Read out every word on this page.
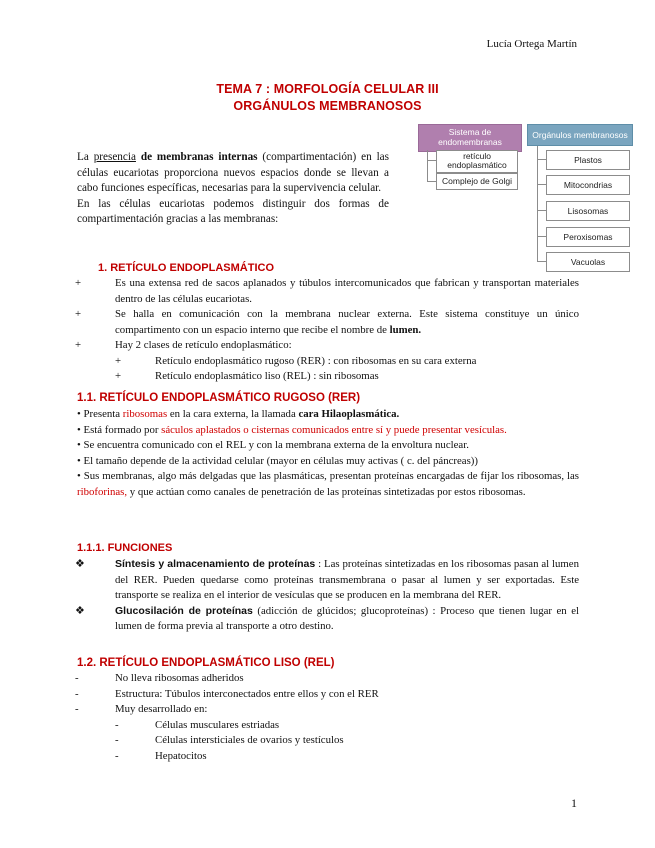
Lucía Ortega Martín
TEMA 7 : MORFOLOGÍA CELULAR III
ORGÁNULOS MEMBRANOSOS
Sistema de endomembranas
retículo endoplasmático
Complejo de Golgi
Orgánulos membranosos
Plastos
Mitocondrias
Lisosomas
Peroxisomas
Vacuolas

La presencia de membranas internas (compartimentación) en las células eucariotas proporciona nuevos espacios donde se llevan a cabo funciones específicas, necesarias para la supervivencia celular.

En las células eucariotas podemos distinguir dos formas de compartimentación gracias a las membranas:

1. RETÍCULO ENDOPLASMÁTICO
+	Es una extensa red de sacos aplanados y túbulos intercomunicados que fabrican y transportan materiales dentro de las células eucariotas.
+	Se halla en comunicación con la membrana nuclear externa. Este sistema constituye un único compartimento con un espacio interno que recibe el nombre de lumen.
+	Hay 2 clases de retículo endoplasmático:
+	Retículo endoplasmático rugoso (RER) : con ribosomas en su cara externa
+	Retículo endoplasmático liso (REL) : sin ribosomas
1.1. RETÍCULO ENDOPLASMÁTICO RUGOSO (RER)
• Presenta ribosomas en la cara externa, la llamada cara Hilaoplasmática.
• Está formado por sáculos aplastados o cisternas comunicados entre sí y puede presentar vesículas.
• Se encuentra comunicado con el REL y con la membrana externa de la envoltura nuclear.
• El tamaño depende de la actividad celular (mayor en células muy activas ( c. del páncreas))
• Sus membranas, algo más delgadas que las plasmáticas, presentan proteínas encargadas de fijar los ribosomas, las riboforinas, y que actúan como canales de penetración de las proteínas sintetizadas por estos ribosomas.
1.1.1. FUNCIONES
❖	Síntesis y almacenamiento de proteínas : Las proteínas sintetizadas en los ribosomas pasan al lumen del RER. Pueden quedarse como proteínas transmembrana o pasar al lumen y ser exportadas. Este transporte se realiza en el interior de vesículas que se producen en la membrana del RER.
❖	Glucosilación de proteínas (adicción de glúcidos; glucoproteínas) : Proceso que tienen lugar en el lumen de forma previa al transporte a otro destino.
1.2. RETÍCULO ENDOPLASMÁTICO LISO (REL)
-	No lleva ribosomas adheridos
-	Estructura: Túbulos interconectados entre ellos y con el RER
-	Muy desarrollado en:
-	Células musculares estriadas
-	Células intersticiales de ovarios y testículos
-	Hepatocitos
1
